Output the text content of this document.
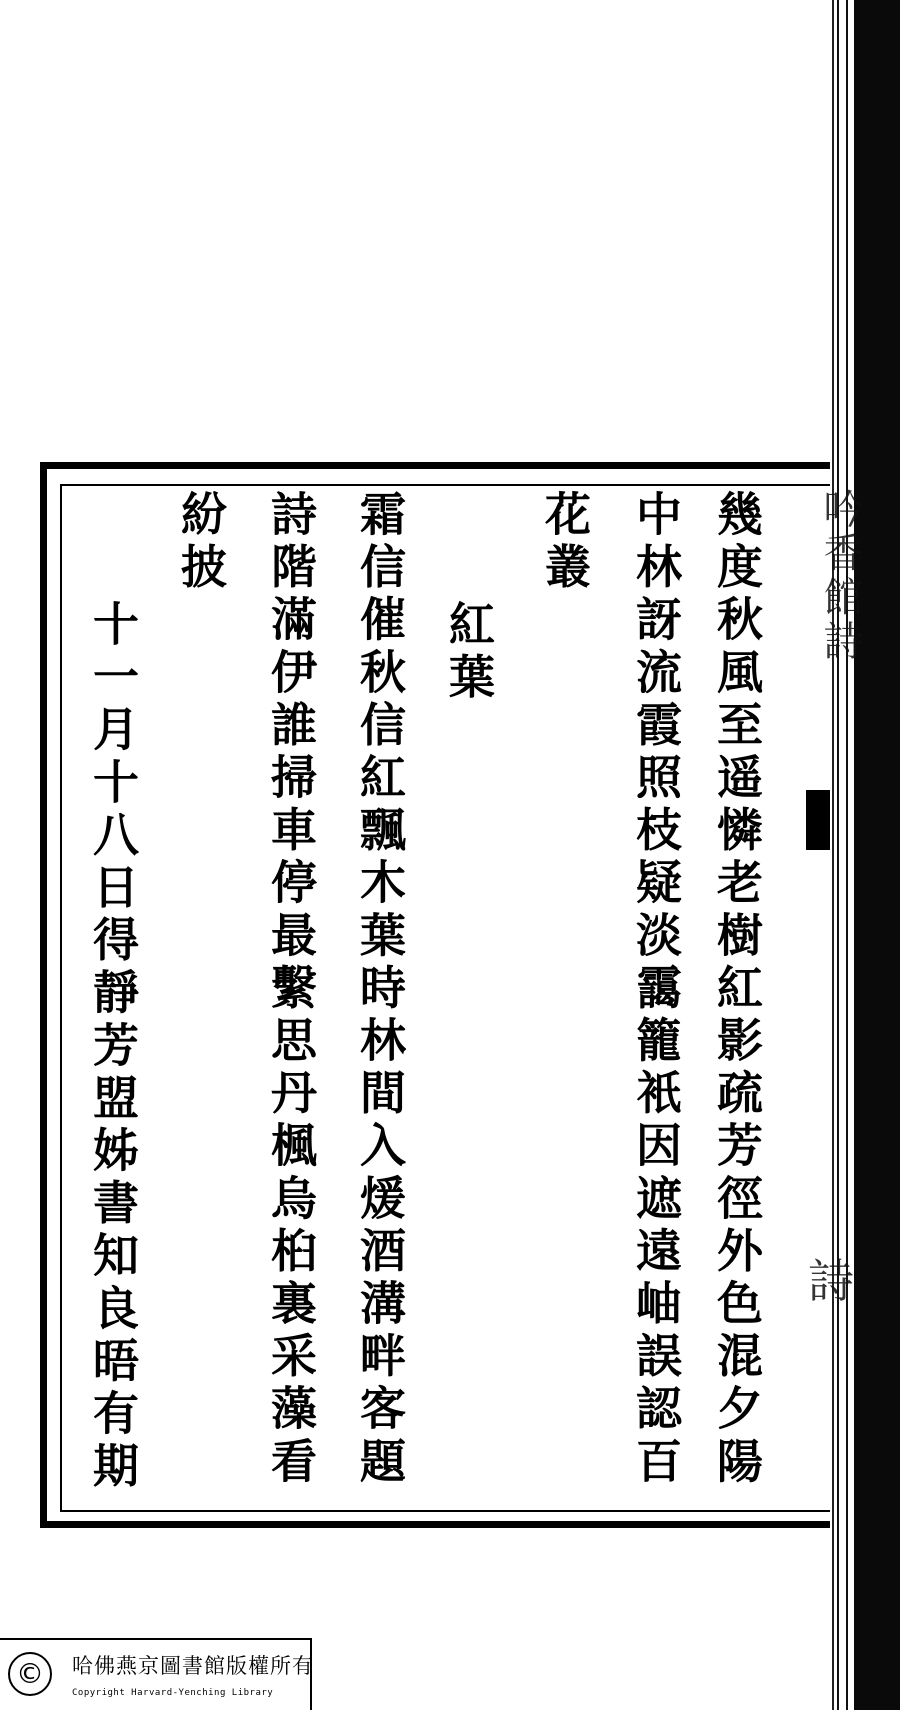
吟香館詩
詩
幾度秋風至遥憐老樹紅影疏芳徑外色混夕陽
中林訝流霞照枝疑淡靄籠衹因遮遠岫誤認百
花叢
紅葉
霜信催秋信紅飄木葉時林間入煖酒溝畔客題
詩階滿伊誰掃車停最繫思丹楓烏桕裏采藻看
紛披
十一月十八日得靜芳盟姊書知良晤有期
©	哈佛燕京圖書館版權所有
Copyright Harvard-Yenching Library
